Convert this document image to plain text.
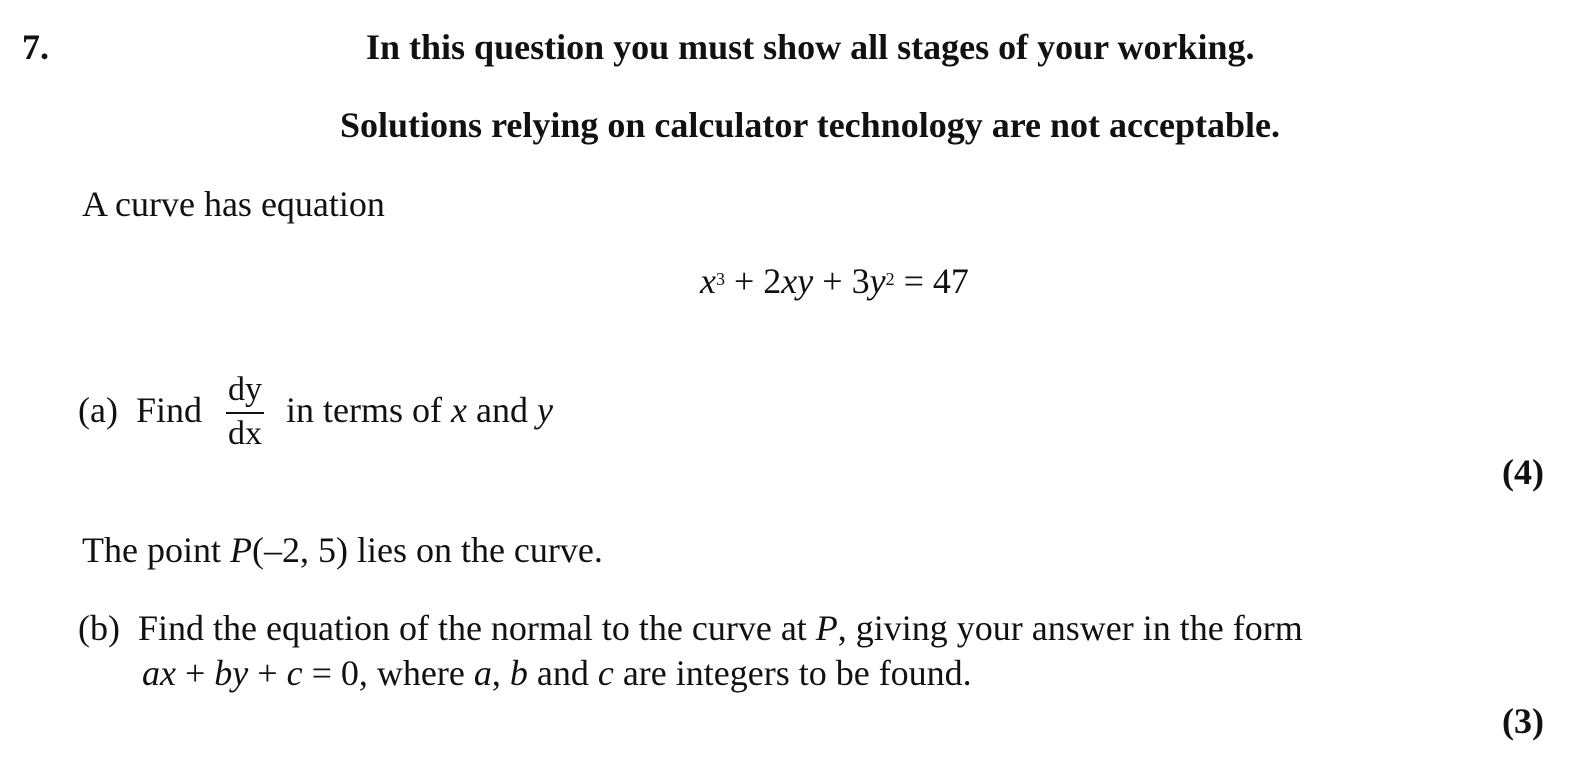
7.	In this question you must show all stages of your working.
Solutions relying on calculator technology are not acceptable.
A curve has equation
$x^3 + 2xy + 3y^2 = 47$
(a) Find $\frac{dy}{dx}$ in terms of x and y
(4)
The point P(–2, 5) lies on the curve.
(b) Find the equation of the normal to the curve at P, giving your answer in the form
ax + by + c = 0, where a, b and c are integers to be found.
(3)
